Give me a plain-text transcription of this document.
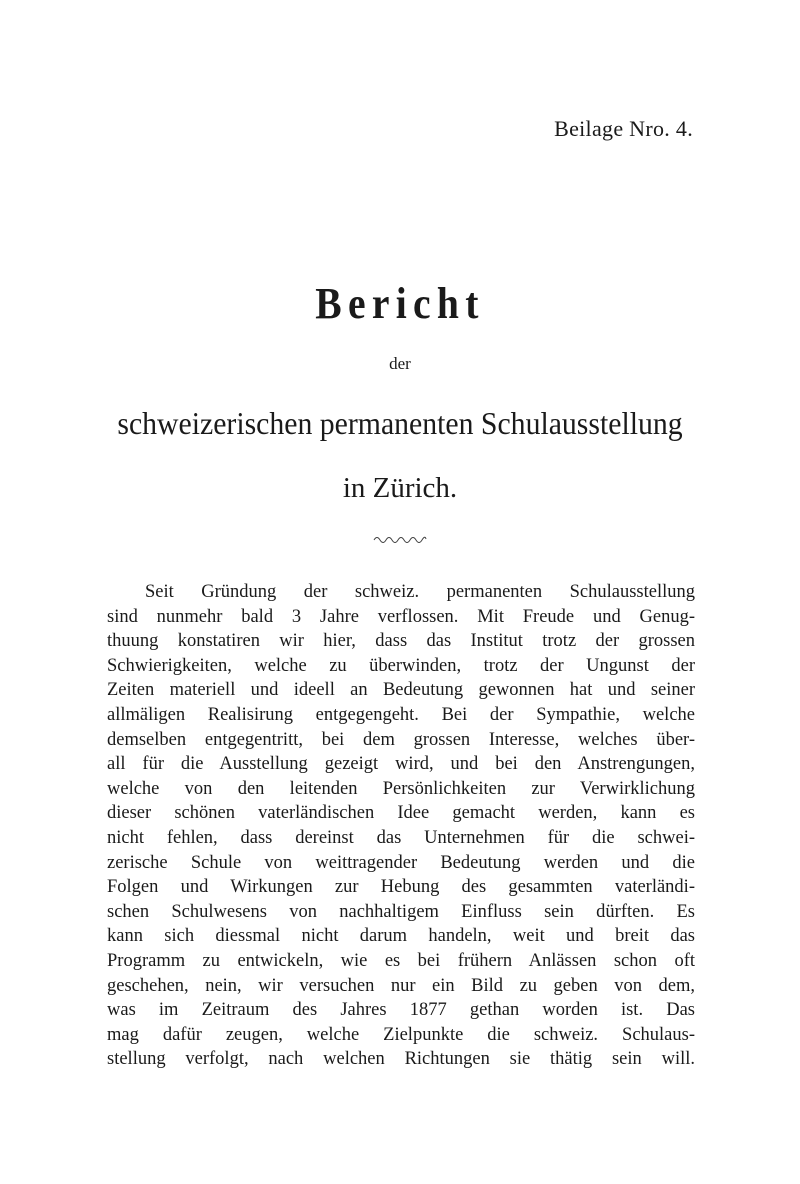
Beilage Nro. 4.
Bericht
der
schweizerischen permanenten Schulausstellung
in Zürich.
Seit Gründung der schweiz. permanenten Schulausstellung
sind nunmehr bald 3 Jahre verflossen. Mit Freude und Genug-
thuung konstatiren wir hier, dass das Institut trotz der grossen
Schwierigkeiten, welche zu überwinden, trotz der Ungunst der
Zeiten materiell und ideell an Bedeutung gewonnen hat und seiner
allmäligen Realisirung entgegengeht. Bei der Sympathie, welche
demselben entgegentritt, bei dem grossen Interesse, welches über-
all für die Ausstellung gezeigt wird, und bei den Anstrengungen,
welche von den leitenden Persönlichkeiten zur Verwirklichung
dieser schönen vaterländischen Idee gemacht werden, kann es
nicht fehlen, dass dereinst das Unternehmen für die schwei-
zerische Schule von weittragender Bedeutung werden und die
Folgen und Wirkungen zur Hebung des gesammten vaterländi-
schen Schulwesens von nachhaltigem Einfluss sein dürften. Es
kann sich diessmal nicht darum handeln, weit und breit das
Programm zu entwickeln, wie es bei frühern Anlässen schon oft
geschehen, nein, wir versuchen nur ein Bild zu geben von dem,
was im Zeitraum des Jahres 1877 gethan worden ist. Das
mag dafür zeugen, welche Zielpunkte die schweiz. Schulaus-
stellung verfolgt, nach welchen Richtungen sie thätig sein will.
